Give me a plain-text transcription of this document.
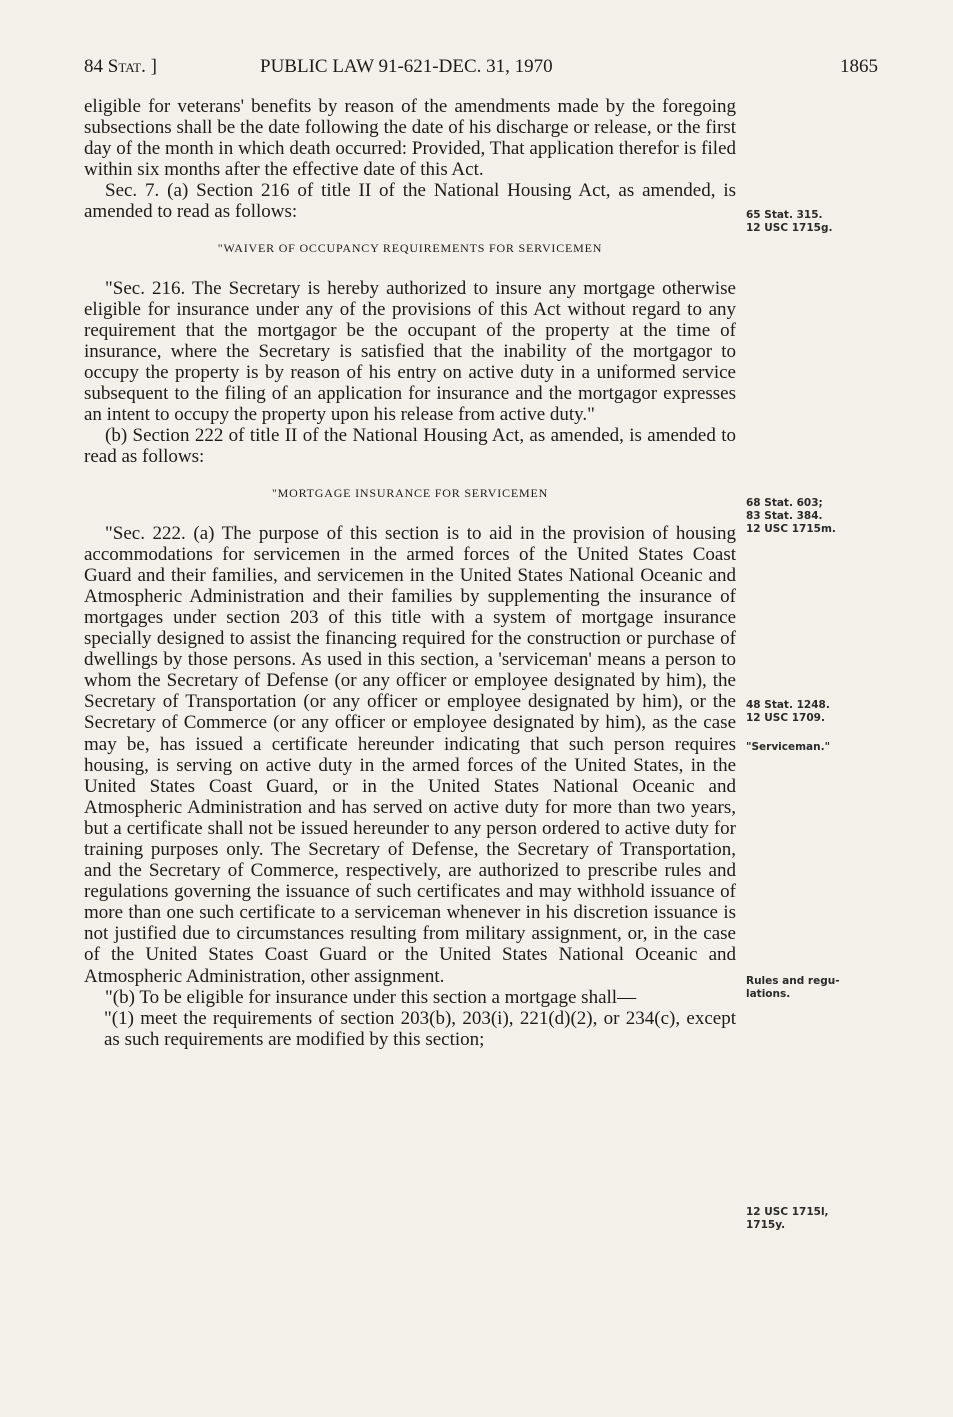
84 Stat. ]	PUBLIC LAW 91-621-DEC. 31, 1970	1865

eligible for veterans' benefits by reason of the amendments made by the foregoing subsections shall be the date following the date of his discharge or release, or the first day of the month in which death occurred: Provided, That application therefor is filed within six months after the effective date of this Act.

Sec. 7. (a) Section 216 of title II of the National Housing Act, as amended, is amended to read as follows:

"WAIVER OF OCCUPANCY REQUIREMENTS FOR SERVICEMEN

"Sec. 216. The Secretary is hereby authorized to insure any mortgage otherwise eligible for insurance under any of the provisions of this Act without regard to any requirement that the mortgagor be the occupant of the property at the time of insurance, where the Secretary is satisfied that the inability of the mortgagor to occupy the property is by reason of his entry on active duty in a uniformed service subsequent to the filing of an application for insurance and the mortgagor expresses an intent to occupy the property upon his release from active duty."

(b) Section 222 of title II of the National Housing Act, as amended, is amended to read as follows:

"MORTGAGE INSURANCE FOR SERVICEMEN

"Sec. 222. (a) The purpose of this section is to aid in the provision of housing accommodations for servicemen in the armed forces of the United States Coast Guard and their families, and servicemen in the United States National Oceanic and Atmospheric Administration and their families by supplementing the insurance of mortgages under section 203 of this title with a system of mortgage insurance specially designed to assist the financing required for the construction or purchase of dwellings by those persons. As used in this section, a 'serviceman' means a person to whom the Secretary of Defense (or any officer or employee designated by him), the Secretary of Transportation (or any officer or employee designated by him), or the Secretary of Commerce (or any officer or employee designated by him), as the case may be, has issued a certificate hereunder indicating that such person requires housing, is serving on active duty in the armed forces of the United States, in the United States Coast Guard, or in the United States National Oceanic and Atmospheric Administration and has served on active duty for more than two years, but a certificate shall not be issued hereunder to any person ordered to active duty for training purposes only. The Secretary of Defense, the Secretary of Transportation, and the Secretary of Commerce, respectively, are authorized to prescribe rules and regulations governing the issuance of such certificates and may withhold issuance of more than one such certificate to a serviceman whenever in his discretion issuance is not justified due to circumstances resulting from military assignment, or, in the case of the United States Coast Guard or the United States National Oceanic and Atmospheric Administration, other assignment.

"(b) To be eligible for insurance under this section a mortgage shall—

"(1) meet the requirements of section 203(b), 203(i), 221(d)(2), or 234(c), except as such requirements are modified by this section;

65 Stat. 315.
12 USC 1715g.
68 Stat. 603;
83 Stat. 384.
12 USC 1715m.
48 Stat. 1248.
12 USC 1709.
"Serviceman."
Rules and regu-
lations.
12 USC 1715l,
1715y.
